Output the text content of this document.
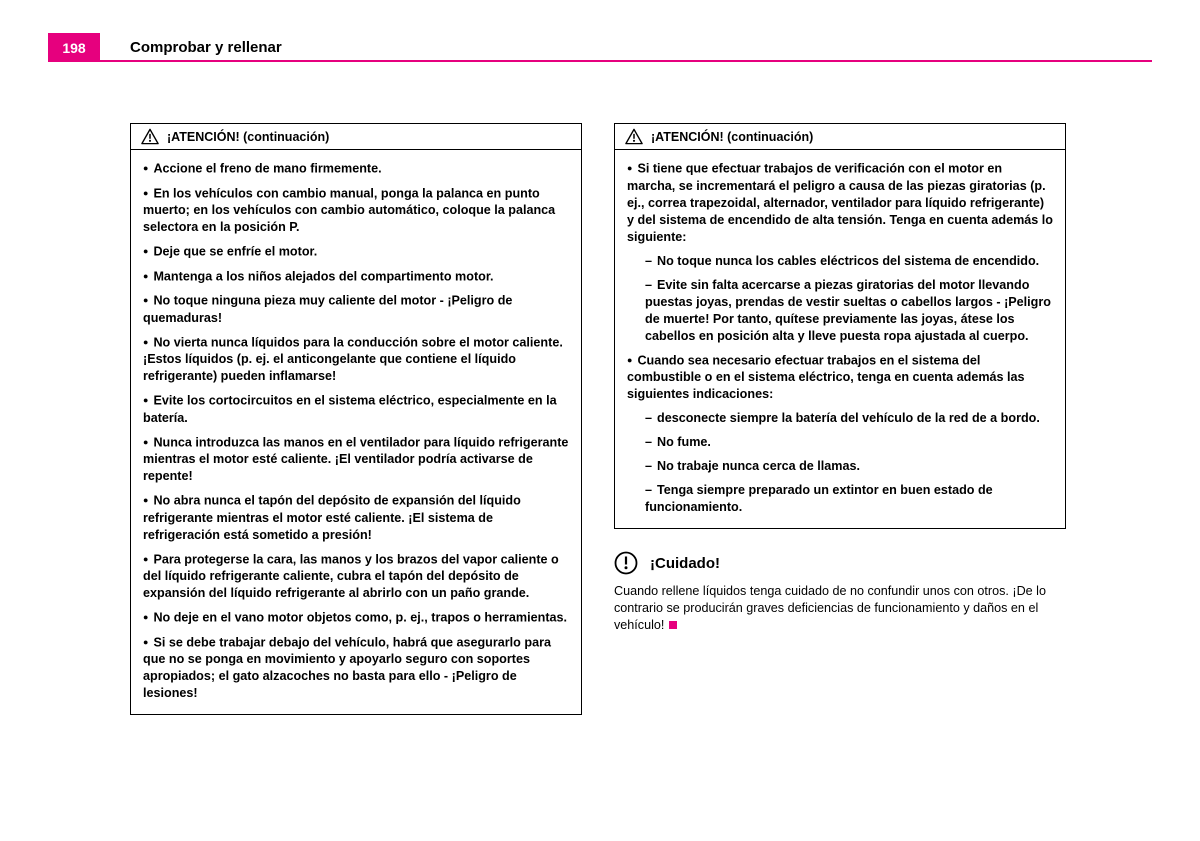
198	Comprobar y rellenar
¡ATENCIÓN! (continuación)

● Accione el freno de mano firmemente.

● En los vehículos con cambio manual, ponga la palanca en punto muerto; en los vehículos con cambio automático, coloque la palanca selectora en la posición P.

● Deje que se enfríe el motor.

● Mantenga a los niños alejados del compartimento motor.

● No toque ninguna pieza muy caliente del motor - ¡Peligro de quemaduras!

● No vierta nunca líquidos para la conducción sobre el motor caliente. ¡Estos líquidos (p. ej. el anticongelante que contiene el líquido refrigerante) pueden inflamarse!

● Evite los cortocircuitos en el sistema eléctrico, especialmente en la batería.

● Nunca introduzca las manos en el ventilador para líquido refrigerante mientras el motor esté caliente. ¡El ventilador podría activarse de repente!

● No abra nunca el tapón del depósito de expansión del líquido refrigerante mientras el motor esté caliente. ¡El sistema de refrigeración está sometido a presión!

● Para protegerse la cara, las manos y los brazos del vapor caliente o del líquido refrigerante caliente, cubra el tapón del depósito de expansión del líquido refrigerante al abrirlo con un paño grande.

● No deje en el vano motor objetos como, p. ej., trapos o herramientas.

● Si se debe trabajar debajo del vehículo, habrá que asegurarlo para que no se ponga en movimiento y apoyarlo seguro con soportes apropiados; el gato alzacoches no basta para ello - ¡Peligro de lesiones!

¡ATENCIÓN! (continuación)

● Si tiene que efectuar trabajos de verificación con el motor en marcha, se incrementará el peligro a causa de las piezas giratorias (p. ej., correa trapezoidal, alternador, ventilador para líquido refrigerante) y del sistema de encendido de alta tensión. Tenga en cuenta además lo siguiente:

– No toque nunca los cables eléctricos del sistema de encendido.

– Evite sin falta acercarse a piezas giratorias del motor llevando puestas joyas, prendas de vestir sueltas o cabellos largos - ¡Peligro de muerte! Por tanto, quítese previamente las joyas, átese los cabellos en posición alta y lleve puesta ropa ajustada al cuerpo.

● Cuando sea necesario efectuar trabajos en el sistema del combustible o en el sistema eléctrico, tenga en cuenta además las siguientes indicaciones:

– desconecte siempre la batería del vehículo de la red de a bordo.

– No fume.

– No trabaje nunca cerca de llamas.

– Tenga siempre preparado un extintor en buen estado de funcionamiento.

¡Cuidado!

Cuando rellene líquidos tenga cuidado de no confundir unos con otros. ¡De lo contrario se producirán graves deficiencias de funcionamiento y daños en el vehículo!
